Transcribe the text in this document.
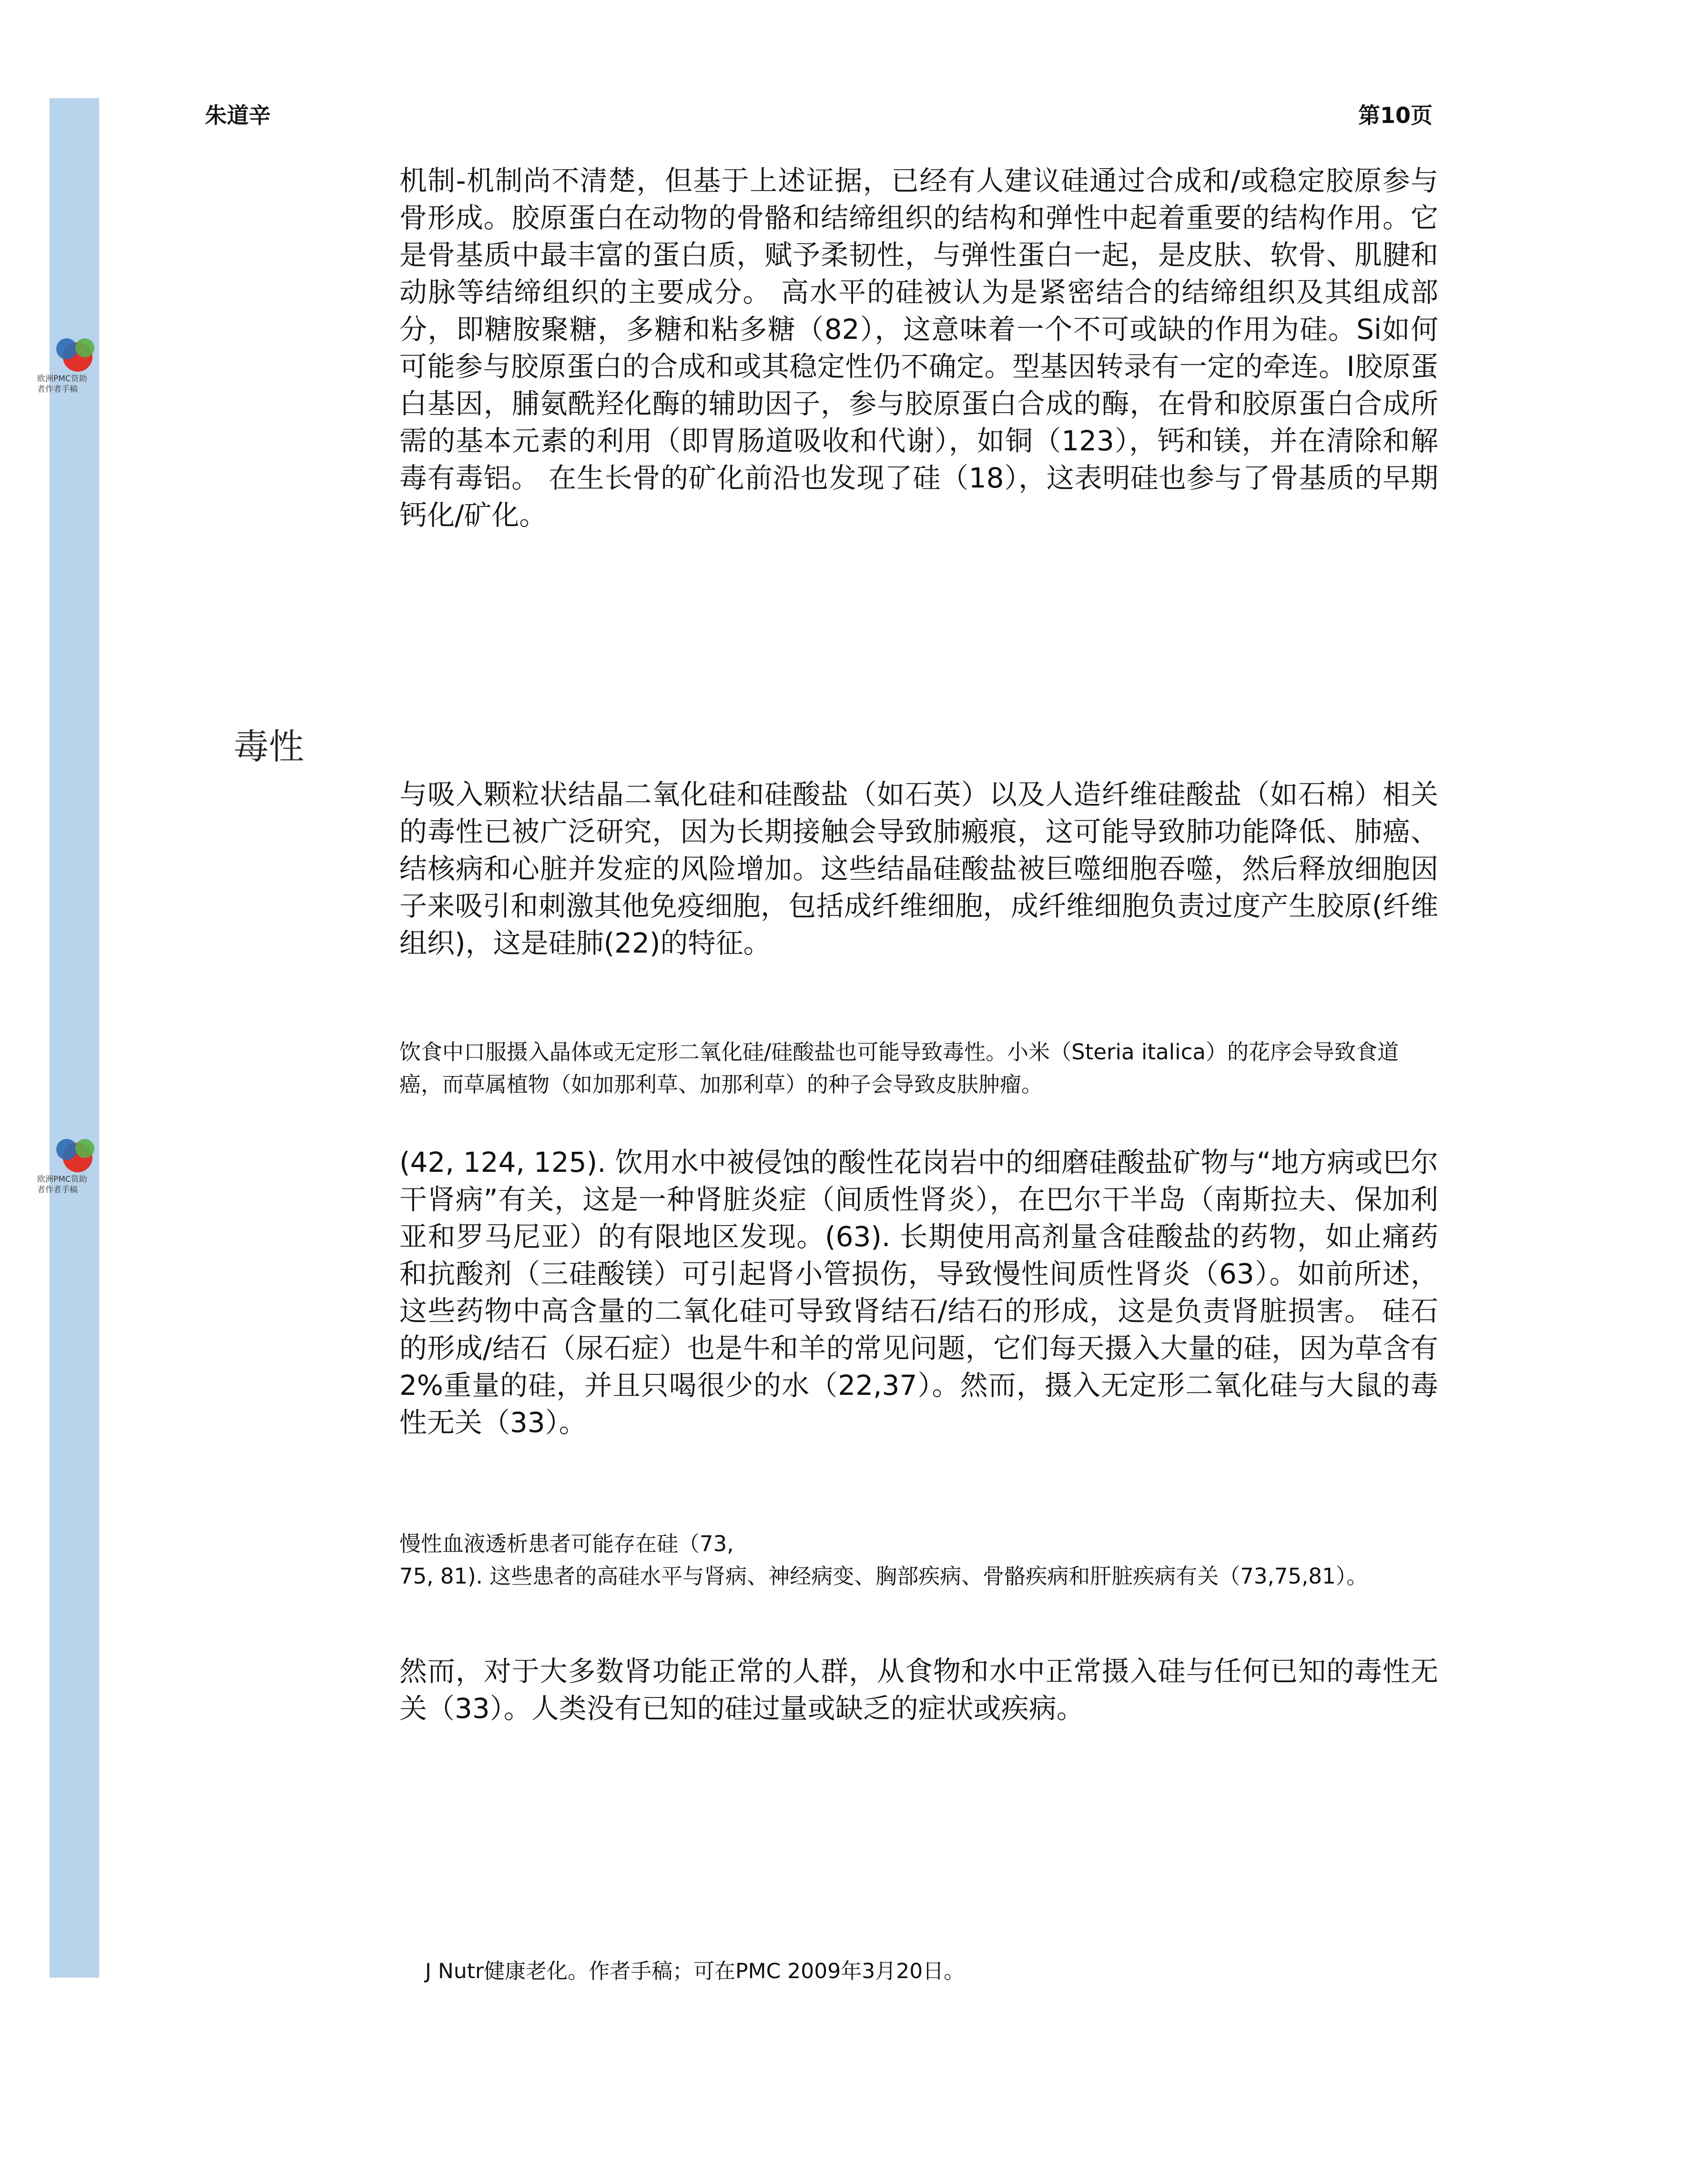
欧洲PMC资助者作者手稿
欧洲PMC资助者作者手稿
朱道辛	第10页

机制-机制尚不清楚，但基于上述证据，已经有人建议硅通过合成和/或稳定胶原参与骨形成。胶原蛋白在动物的骨骼和结缔组织的结构和弹性中起着重要的结构作用。它是骨基质中最丰富的蛋白质，赋予柔韧性，与弹性蛋白一起，是皮肤、软骨、肌腱和动脉等结缔组织的主要成分。 高水平的硅被认为是紧密结合的结缔组织及其组成部分，即糖胺聚糖，多糖和粘多糖（82），这意味着一个不可或缺的作用为硅。Si如何可能参与胶原蛋白的合成和或其稳定性仍不确定。型基因转录有一定的牵连。I胶原蛋白基因，脯氨酰羟化酶的辅助因子，参与胶原蛋白合成的酶，在骨和胶原蛋白合成所需的基本元素的利用（即胃肠道吸收和代谢），如铜（123），钙和镁，并在清除和解毒有毒铝。 在生长骨的矿化前沿也发现了硅（18），这表明硅也参与了骨基质的早期钙化/矿化。

毒性

与吸入颗粒状结晶二氧化硅和硅酸盐（如石英）以及人造纤维硅酸盐（如石棉）相关的毒性已被广泛研究，因为长期接触会导致肺瘢痕，这可能导致肺功能降低、肺癌、结核病和心脏并发症的风险增加。这些结晶硅酸盐被巨噬细胞吞噬，然后释放细胞因子来吸引和刺激其他免疫细胞，包括成纤维细胞，成纤维细胞负责过度产生胶原(纤维组织)，这是硅肺(22)的特征。

饮食中口服摄入晶体或无定形二氧化硅/硅酸盐也可能导致毒性。小米（Steria italica）的花序会导致食道癌，而草属植物（如加那利草、加那利草）的种子会导致皮肤肿瘤。

(42, 124, 125). 饮用水中被侵蚀的酸性花岗岩中的细磨硅酸盐矿物与“地方病或巴尔干肾病”有关，这是一种肾脏炎症（间质性肾炎），在巴尔干半岛（南斯拉夫、保加利亚和罗马尼亚）的有限地区发现。(63). 长期使用高剂量含硅酸盐的药物，如止痛药和抗酸剂（三硅酸镁）可引起肾小管损伤，导致慢性间质性肾炎（63）。如前所述，这些药物中高含量的二氧化硅可导致肾结石/结石的形成，这是负责肾脏损害。 硅石的形成/结石（尿石症）也是牛和羊的常见问题，它们每天摄入大量的硅，因为草含有2%重量的硅，并且只喝很少的水（22,37）。然而，摄入无定形二氧化硅与大鼠的毒性无关（33）。

慢性血液透析患者可能存在硅（73,
75, 81). 这些患者的高硅水平与肾病、神经病变、胸部疾病、骨骼疾病和肝脏疾病有关（73,75,81）。

然而，对于大多数肾功能正常的人群，从食物和水中正常摄入硅与任何已知的毒性无关（33）。人类没有已知的硅过量或缺乏的症状或疾病。

J Nutr健康老化。作者手稿；可在PMC 2009年3月20日。
